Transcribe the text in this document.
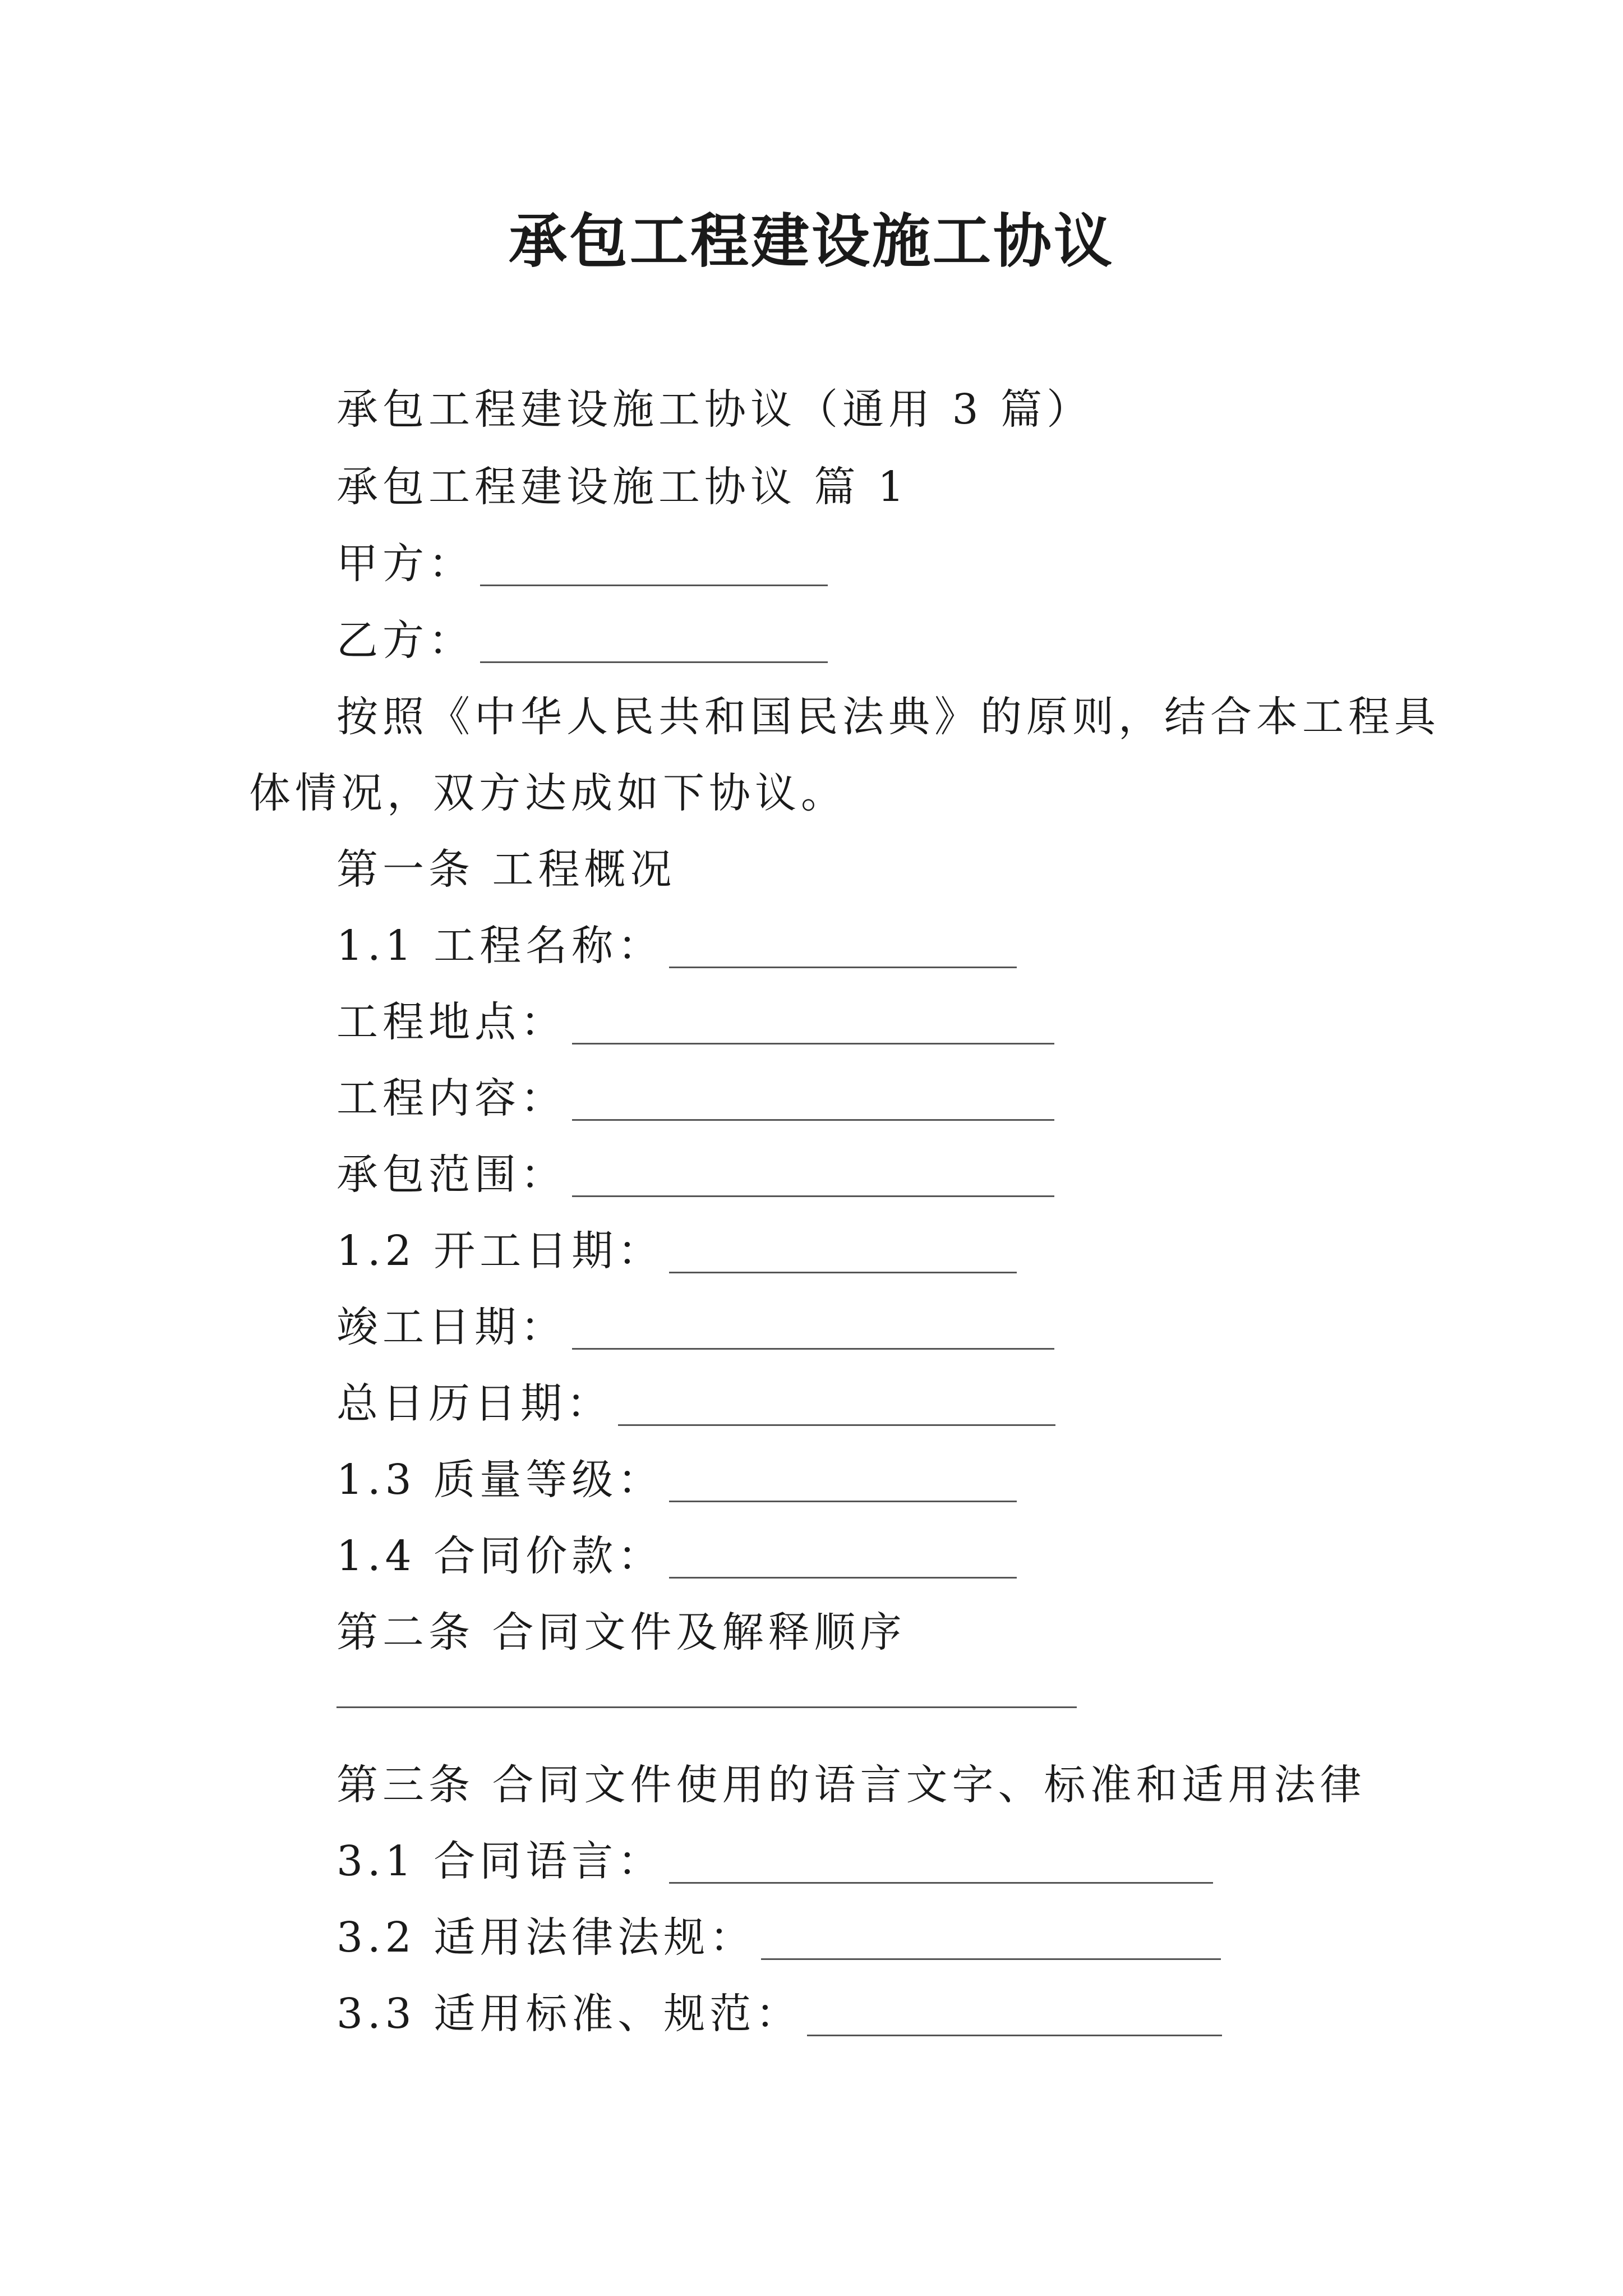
承包工程建设施工协议
承包工程建设施工协议（通用 3 篇）
承包工程建设施工协议 篇 1
甲方：
乙方：
按照《中华人民共和国民法典》的原则，结合本工程具
体情况，双方达成如下协议。
第一条 工程概况
1.1 工程名称：
工程地点：
工程内容：
承包范围：
1.2 开工日期：
竣工日期：
总日历日期：
1.3 质量等级：
1.4 合同价款：
第二条 合同文件及解释顺序
第三条 合同文件使用的语言文字、标准和适用法律
3.1 合同语言：
3.2 适用法律法规：
3.3 适用标准、规范：
